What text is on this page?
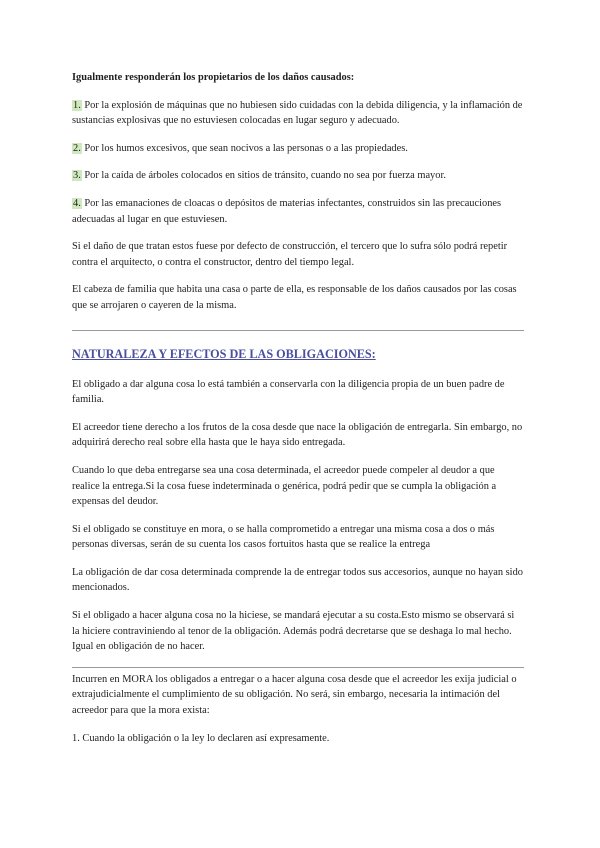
Igualmente responderán los propietarios de los daños causados:

1. Por la explosión de máquinas que no hubiesen sido cuidadas con la debida diligencia, y la inflamación de sustancias explosivas que no estuviesen colocadas en lugar seguro y adecuado.

2. Por los humos excesivos, que sean nocivos a las personas o a las propiedades.

3. Por la caída de árboles colocados en sitios de tránsito, cuando no sea por fuerza mayor.

4. Por las emanaciones de cloacas o depósitos de materias infectantes, construidos sin las precauciones adecuadas al lugar en que estuviesen.

Si el daño de que tratan estos fuese por defecto de construcción, el tercero que lo sufra sólo podrá repetir contra el arquitecto, o contra el constructor, dentro del tiempo legal.

El cabeza de familia que habita una casa o parte de ella, es responsable de los daños causados por las cosas que se arrojaren o cayeren de la misma.

NATURALEZA Y EFECTOS DE LAS OBLIGACIONES:

El obligado a dar alguna cosa lo está también a conservarla con la diligencia propia de un buen padre de familia.

El acreedor tiene derecho a los frutos de la cosa desde que nace la obligación de entregarla. Sin embargo, no adquirirá derecho real sobre ella hasta que le haya sido entregada.

Cuando lo que deba entregarse sea una cosa determinada, el acreedor puede compeler al deudor a que realice la entrega.Si la cosa fuese indeterminada o genérica, podrá pedir que se cumpla la obligación a expensas del deudor.

Si el obligado se constituye en mora, o se halla comprometido a entregar una misma cosa a dos o más personas diversas, serán de su cuenta los casos fortuitos hasta que se realice la entrega

La obligación de dar cosa determinada comprende la de entregar todos sus accesorios, aunque no hayan sido mencionados.

Si el obligado a hacer alguna cosa no la hiciese, se mandará ejecutar a su costa.Esto mismo se observará si la hiciere contraviniendo al tenor de la obligación. Además podrá decretarse que se deshaga lo mal hecho. Igual en obligación de no hacer.

Incurren en MORA los obligados a entregar o a hacer alguna cosa desde que el acreedor les exija judicial o extrajudicialmente el cumplimiento de su obligación. No será, sin embargo, necesaria la intimación del acreedor para que la mora exista:

1. Cuando la obligación o la ley lo declaren así expresamente.
